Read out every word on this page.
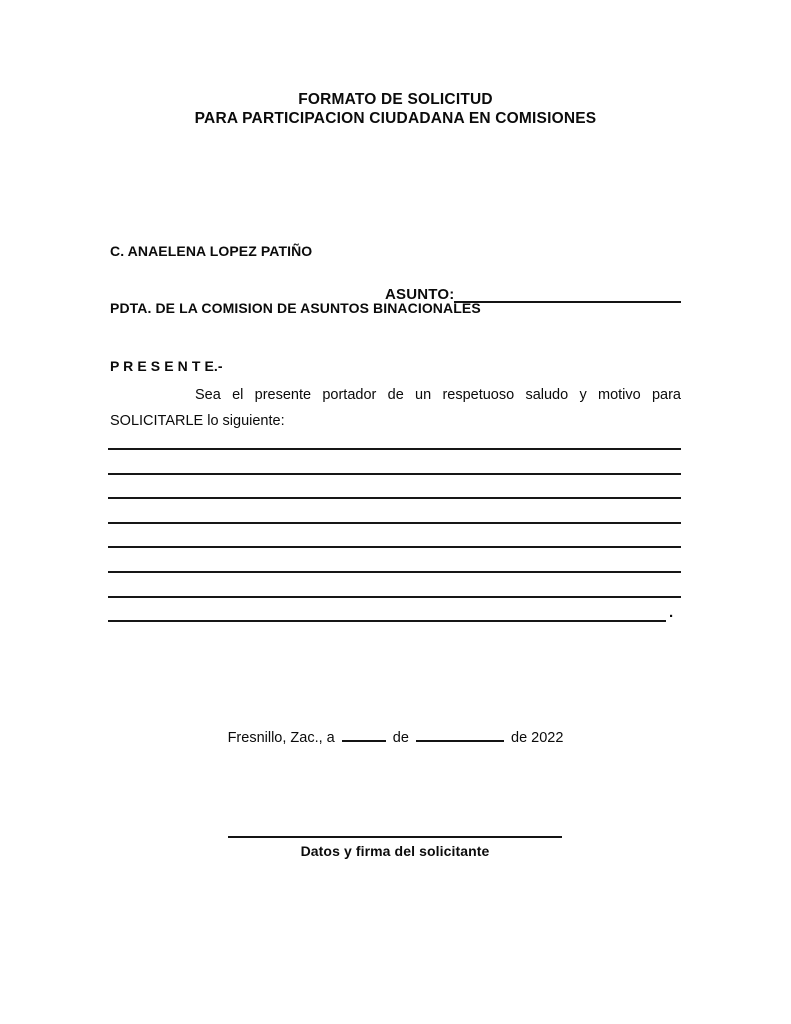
FORMATO DE SOLICITUD
PARA PARTICIPACION CIUDADANA EN COMISIONES

C. ANAELENA LOPEZ PATIÑO

PDTA. DE LA COMISION DE ASUNTOS BINACIONALES

P R E S E N T E.-

ASUNTO:
Sea el presente portador de un respetuoso saludo y motivo para
SOLICITARLE lo siguiente:
.
Fresnillo, Zac., a	de	de 2022
Datos y firma del solicitante
